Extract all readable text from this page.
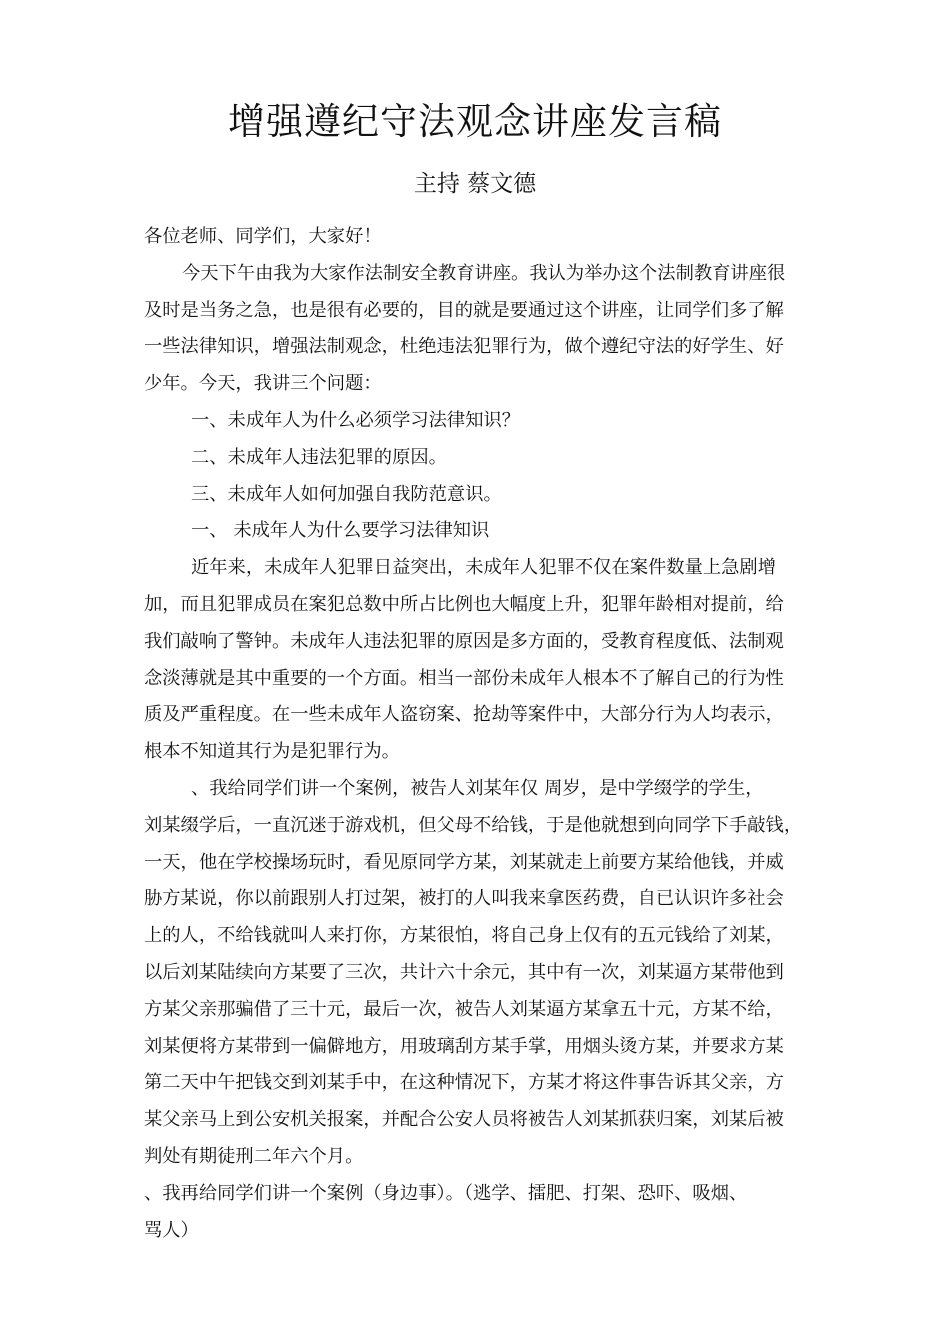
增强遵纪守法观念讲座发言稿
主持 蔡文德
各位老师、同学们，大家好！
今天下午由我为大家作法制安全教育讲座。我认为举办这个法制教育讲座很
及时是当务之急，也是很有必要的，目的就是要通过这个讲座，让同学们多了解
一些法律知识，增强法制观念，杜绝违法犯罪行为，做个遵纪守法的好学生、好
少年。今天，我讲三个问题：
一、未成年人为什么必须学习法律知识？
二、未成年人违法犯罪的原因。
三、未成年人如何加强自我防范意识。
一、 未成年人为什么要学习法律知识
近年来，未成年人犯罪日益突出，未成年人犯罪不仅在案件数量上急剧增
加，而且犯罪成员在案犯总数中所占比例也大幅度上升，犯罪年龄相对提前，给
我们敲响了警钟。未成年人违法犯罪的原因是多方面的，受教育程度低、法制观
念淡薄就是其中重要的一个方面。相当一部份未成年人根本不了解自己的行为性
质及严重程度。在一些未成年人盗窃案、抢劫等案件中，大部分行为人均表示，
根本不知道其行为是犯罪行为。
、我给同学们讲一个案例，被告人刘某年仅 周岁，是中学缀学的学生，
刘某缀学后，一直沉迷于游戏机，但父母不给钱，于是他就想到向同学下手敲钱，
一天，他在学校操场玩时，看见原同学方某，刘某就走上前要方某给他钱，并威
胁方某说，你以前跟别人打过架，被打的人叫我来拿医药费，自已认识许多社会
上的人，不给钱就叫人来打你，方某很怕，将自己身上仅有的五元钱给了刘某，
以后刘某陆续向方某要了三次，共计六十余元，其中有一次，刘某逼方某带他到
方某父亲那骗借了三十元，最后一次，被告人刘某逼方某拿五十元，方某不给，
刘某便将方某带到一偏僻地方，用玻璃刮方某手掌，用烟头烫方某，并要求方某
第二天中午把钱交到刘某手中，在这种情况下，方某才将这件事告诉其父亲，方
某父亲马上到公安机关报案，并配合公安人员将被告人刘某抓获归案，刘某后被
判处有期徒刑二年六个月。
、我再给同学们讲一个案例（身边事）。（逃学、擂肥、打架、恐吓、吸烟、
骂人）
